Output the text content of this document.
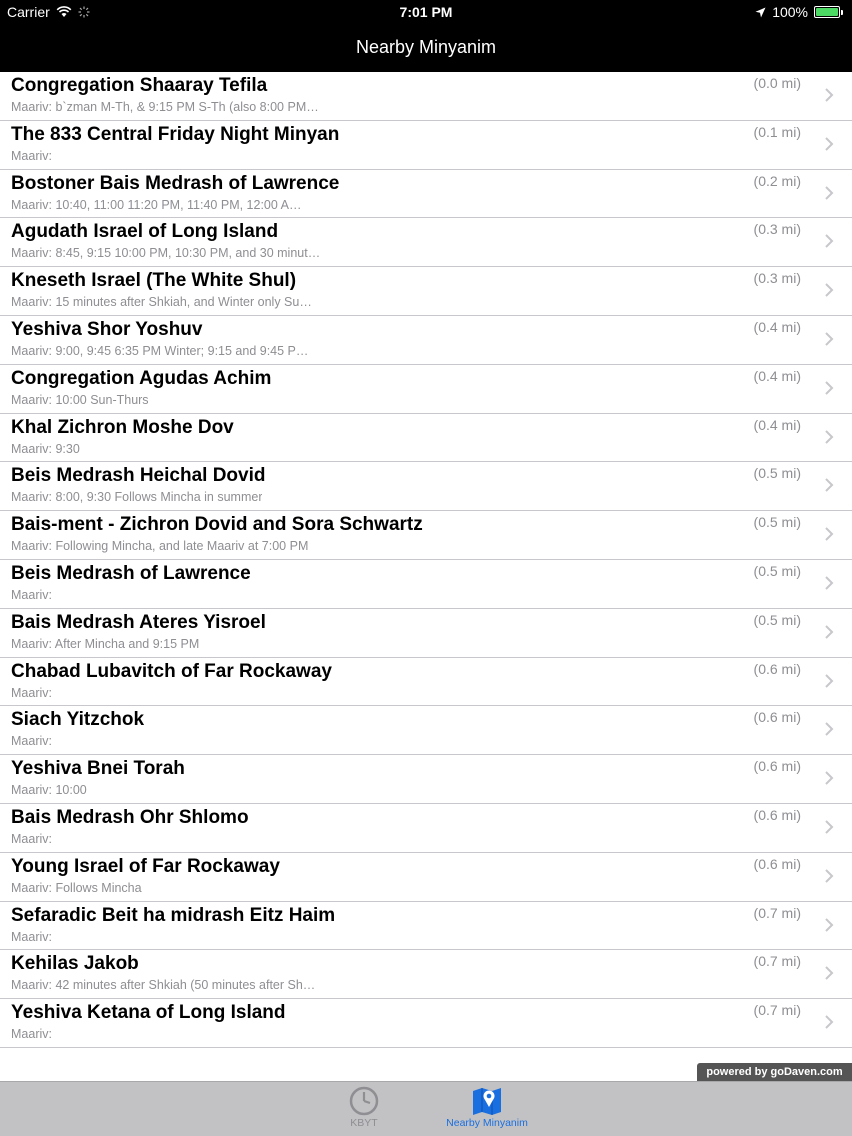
Carrier	7:01 PM	100%
Nearby Minyanim
Congregation Shaaray Tefila
Maariv: b`zman M-Th, & 9:15 PM S-Th (also 8:00 PM…
(0.0 mi)
The 833 Central Friday Night Minyan
Maariv:
(0.1 mi)
Bostoner Bais Medrash of Lawrence
Maariv: 10:40, 11:00 11:20 PM, 11:40 PM, 12:00 A…
(0.2 mi)
Agudath Israel of Long Island
Maariv: 8:45, 9:15 10:00 PM, 10:30 PM, and 30 minut…
(0.3 mi)
Kneseth Israel (The White Shul)
Maariv: 15 minutes after Shkiah, and Winter only Su…
(0.3 mi)
Yeshiva Shor Yoshuv
Maariv: 9:00, 9:45 6:35 PM Winter; 9:15 and 9:45 P…
(0.4 mi)
Congregation Agudas Achim
Maariv: 10:00 Sun-Thurs
(0.4 mi)
Khal Zichron Moshe Dov
Maariv: 9:30
(0.4 mi)
Beis Medrash Heichal Dovid
Maariv: 8:00, 9:30 Follows Mincha in summer
(0.5 mi)
Bais-ment - Zichron Dovid and Sora Schwartz
Maariv: Following Mincha, and late Maariv at 7:00 PM
(0.5 mi)
Beis Medrash of Lawrence
Maariv:
(0.5 mi)
Bais Medrash Ateres Yisroel
Maariv: After Mincha and 9:15 PM
(0.5 mi)
Chabad Lubavitch of Far Rockaway
Maariv:
(0.6 mi)
Siach Yitzchok
Maariv:
(0.6 mi)
Yeshiva Bnei Torah
Maariv: 10:00
(0.6 mi)
Bais Medrash Ohr Shlomo
Maariv:
(0.6 mi)
Young Israel of Far Rockaway
Maariv: Follows Mincha
(0.6 mi)
Sefaradic Beit ha midrash Eitz Haim
Maariv:
(0.7 mi)
Kehilas Jakob
Maariv: 42 minutes after Shkiah (50 minutes after Sh…
(0.7 mi)
Yeshiva Ketana of Long Island
Maariv:
(0.7 mi)
powered by goDaven.com
KBYT	Nearby Minyanim
